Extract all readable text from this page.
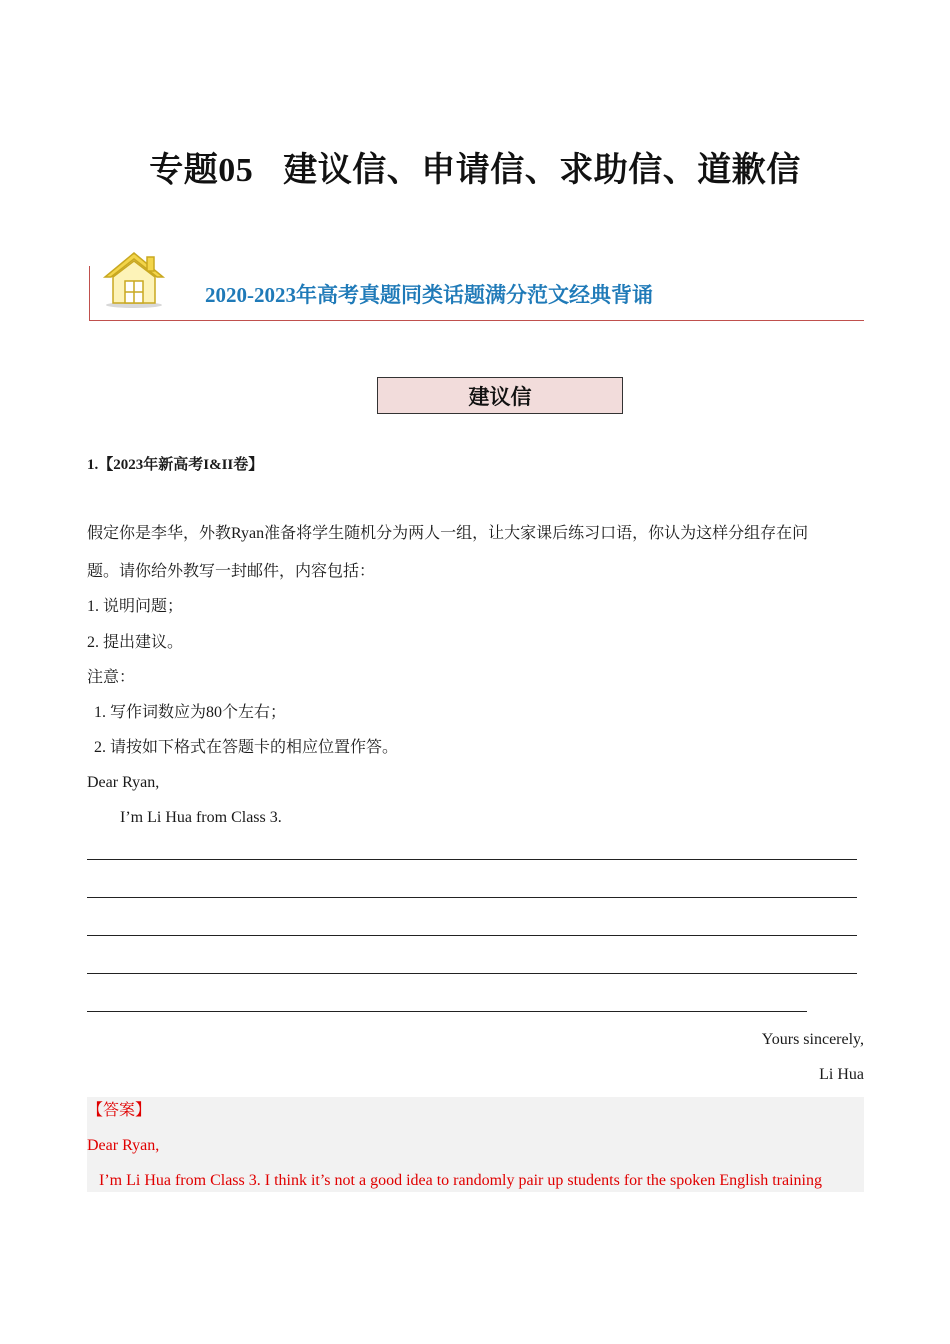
专题05 建议信、申请信、求助信、道歉信
2020-2023年高考真题同类话题满分范文经典背诵
建议信
1.【2023年新高考I&II卷】
假定你是李华，外教Ryan准备将学生随机分为两人一组，让大家课后练习口语，你认为这样分组存在问
题。请你给外教写一封邮件，内容包括：
1. 说明问题；
2. 提出建议。
注意：
1. 写作词数应为80个左右；
2. 请按如下格式在答题卡的相应位置作答。
Dear Ryan,
I’m Li Hua from Class 3.
Yours sincerely,
Li Hua
【答案】
Dear Ryan,
I’m Li Hua from Class 3. I think it’s not a good idea to randomly pair up students for the spoken English training
